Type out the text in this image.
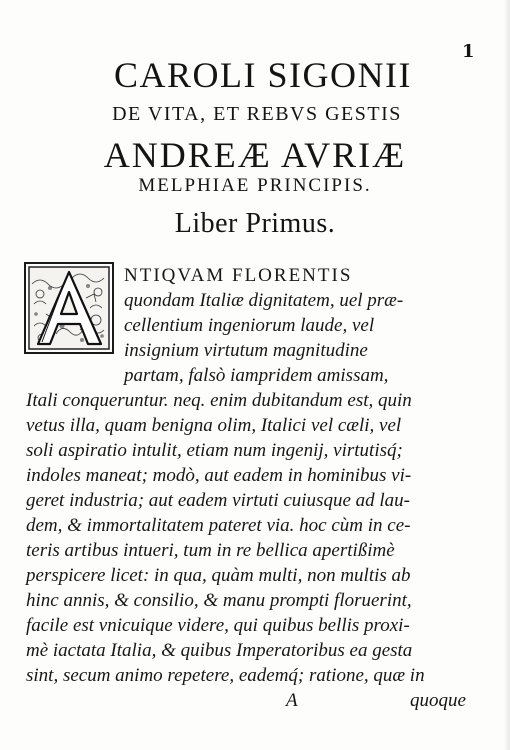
1
CAROLI SIGONII
DE VITA, ET REBVS GESTIS
ANDREÆ AVRIÆ
MELPHIAE PRINCIPIS.
Liber Primus.
NTIQVAM FLORENTIS
quondam Italiæ dignitatem, uel præ-
cellentium ingeniorum laude, vel
insignium virtutum magnitudine
partam, falsò iampridem amissam,
Itali conqueruntur. neq. enim dubitandum est, quin
vetus illa, quam benigna olim, Italici vel cæli, vel
soli aspiratio intulit, etiam num ingenij, virtutisq́;
indoles maneat; modò, aut eadem in hominibus vi-
geret industria; aut eadem virtuti cuiusque ad lau-
dem, & immortalitatem pateret via. hoc cùm in ce-
teris artibus intueri, tum in re bellica apertißimè
perspicere licet: in qua, quàm multi, non multis ab
hinc annis, & consilio, & manu prompti floruerint,
facile est vnicuique videre, qui quibus bellis proxi-
mè iactata Italia, & quibus Imperatoribus ea gesta
sint, secum animo repetere, eademq́; ratione, quæ in
A	quoque
